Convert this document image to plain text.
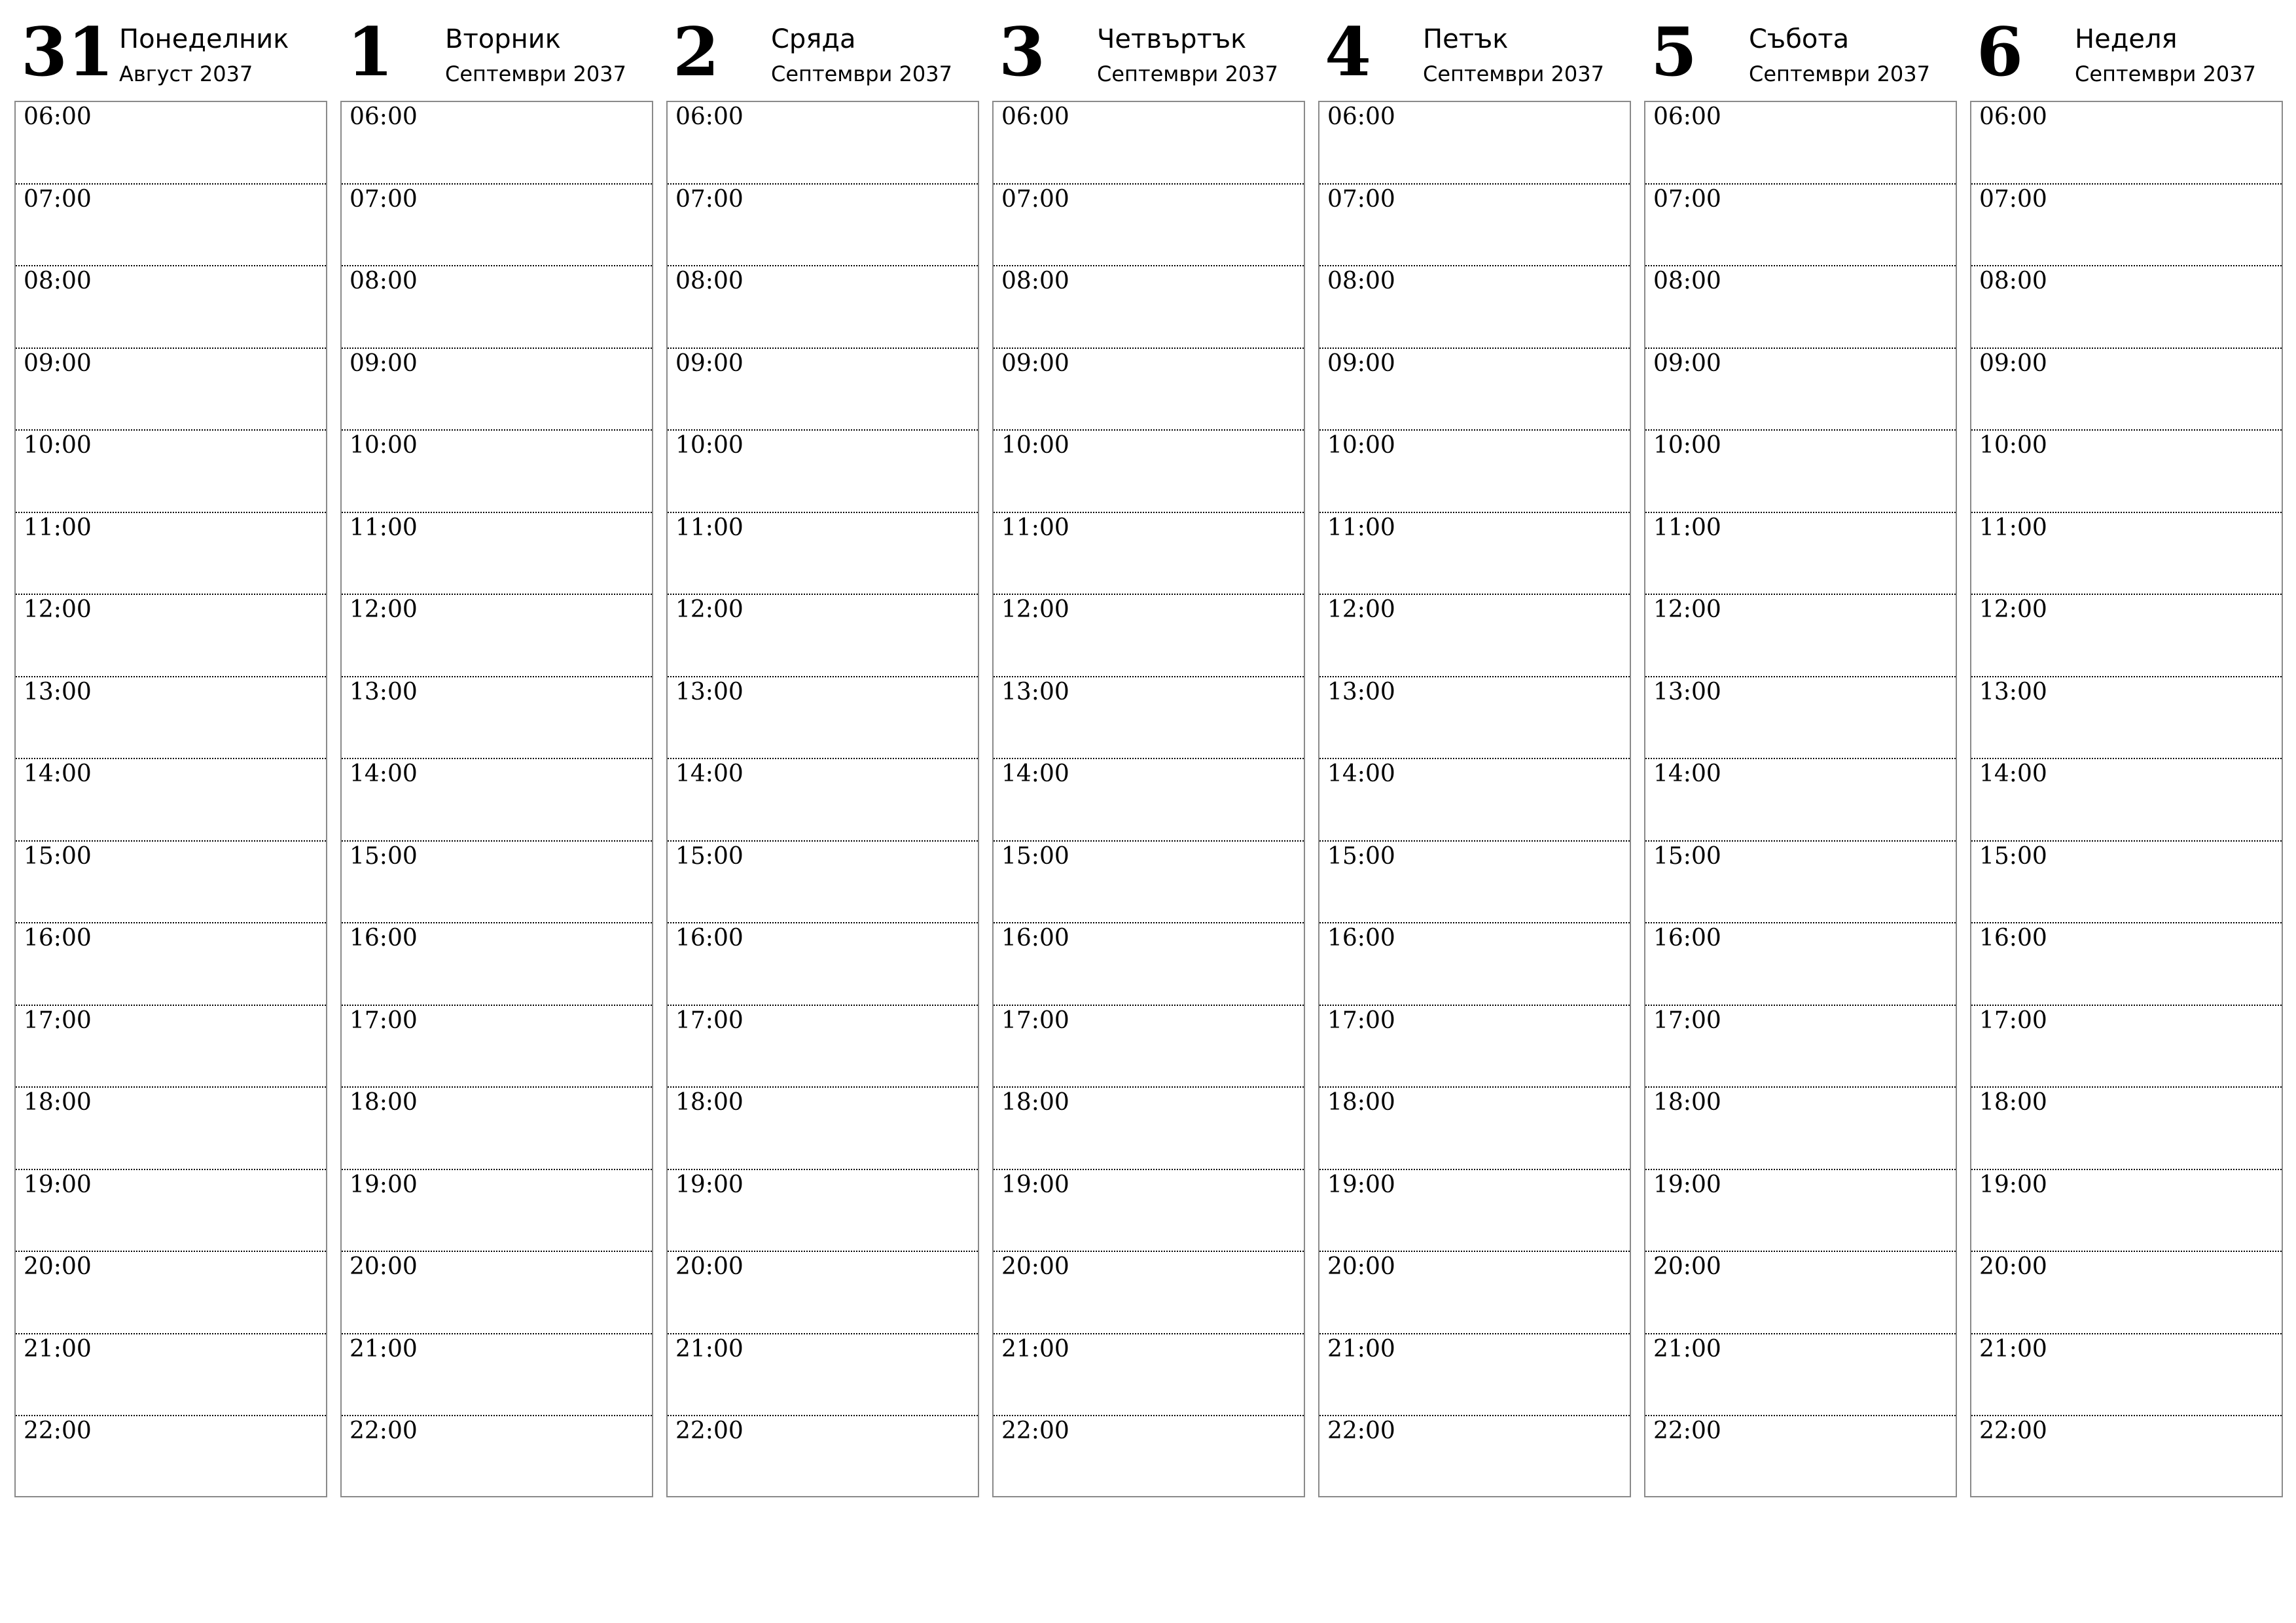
31 Понеделник
Август 2037
06:00
07:00
08:00
09:00
10:00
11:00
12:00
13:00
14:00
15:00
16:00
17:00
18:00
19:00
20:00
21:00
22:00
1 Вторник
Септември 2037
06:00
07:00
08:00
09:00
10:00
11:00
12:00
13:00
14:00
15:00
16:00
17:00
18:00
19:00
20:00
21:00
22:00
2 Сряда
Септември 2037
06:00
07:00
08:00
09:00
10:00
11:00
12:00
13:00
14:00
15:00
16:00
17:00
18:00
19:00
20:00
21:00
22:00
3 Четвъртък
Септември 2037
06:00
07:00
08:00
09:00
10:00
11:00
12:00
13:00
14:00
15:00
16:00
17:00
18:00
19:00
20:00
21:00
22:00
4 Петък
Септември 2037
06:00
07:00
08:00
09:00
10:00
11:00
12:00
13:00
14:00
15:00
16:00
17:00
18:00
19:00
20:00
21:00
22:00
5 Събота
Септември 2037
06:00
07:00
08:00
09:00
10:00
11:00
12:00
13:00
14:00
15:00
16:00
17:00
18:00
19:00
20:00
21:00
22:00
6 Неделя
Септември 2037
06:00
07:00
08:00
09:00
10:00
11:00
12:00
13:00
14:00
15:00
16:00
17:00
18:00
19:00
20:00
21:00
22:00
